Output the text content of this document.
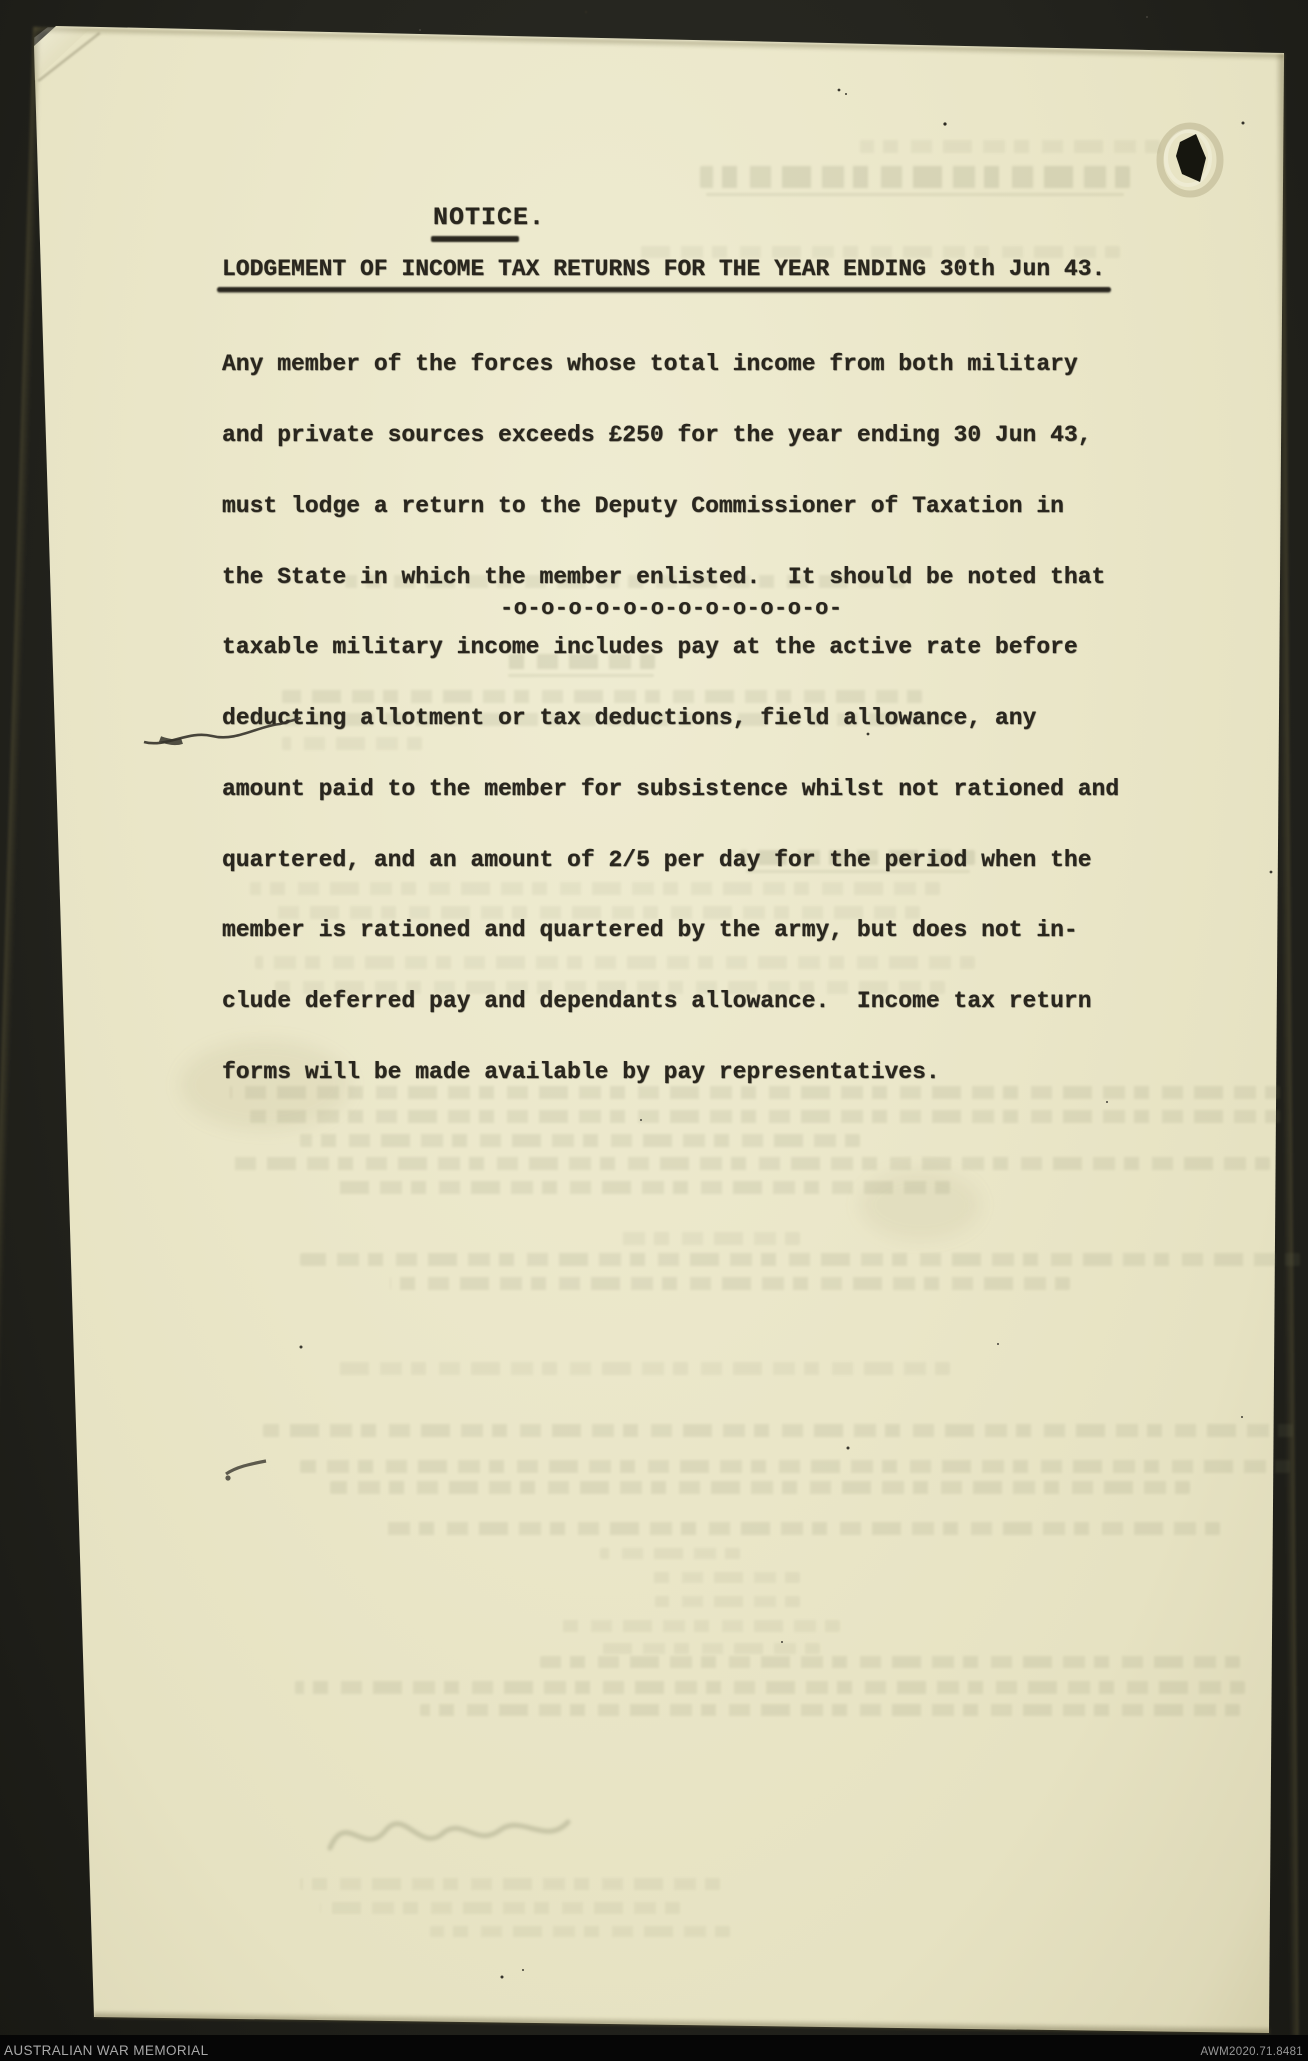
NOTICE.
LODGEMENT OF INCOME TAX RETURNS FOR THE YEAR ENDING 30th Jun 43.

Any member of the forces whose total income from both military

and private sources exceeds £250 for the year ending 30 Jun 43,

must lodge a return to the Deputy Commissioner of Taxation in

the State in which the member enlisted.  It should be noted that

taxable military income includes pay at the active rate before

deducting allotment or tax deductions, field allowance, any

amount paid to the member for subsistence whilst not rationed and

quartered, and an amount of 2/5 per day for the period when the

member is rationed and quartered by the army, but does not in-

clude deferred pay and dependants allowance.  Income tax return

forms will be made available by pay representatives.

-o-o-o-o-o-o-o-o-o-o-o-o-
AUSTRALIAN WAR MEMORIAL	AWM2020.71.8481
